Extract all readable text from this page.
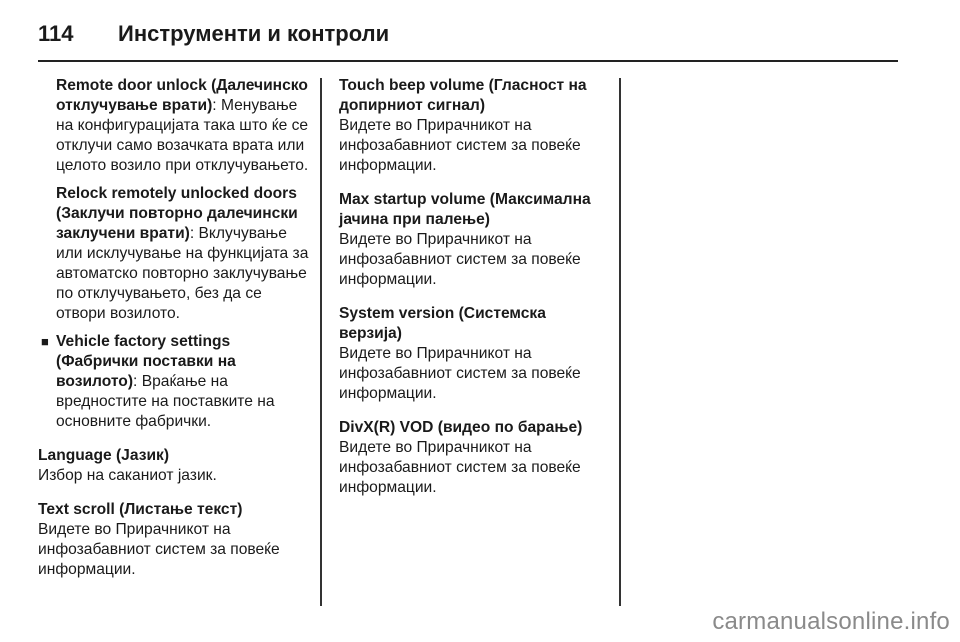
114	Инструменти и контроли
Remote door unlock (Далечинско отклучување врати): Менување на конфигурацијата така што ќе се отклучи само возачката врата или целото возило при отклучувањето.
Relock remotely unlocked doors (Заклучи повторно далечински заклучени врати): Вклучување или исклучување на функцијата за автоматско повторно заклучување по отклучувањето, без да се отвори возилото.
■ Vehicle factory settings (Фабрички поставки на возилото): Враќање на вредностите на поставките на основните фабрички.
Language (Јазик)
Избор на саканиот јазик.
Text scroll (Листање текст)
Видете во Прирачникот на инфозабавниот систем за повеќе информации.
Touch beep volume (Гласност на допирниот сигнал)
Видете во Прирачникот на инфозабавниот систем за повеќе информации.
Max startup volume (Максимална јачина при палење)
Видете во Прирачникот на инфозабавниот систем за повеќе информации.
System version (Системска верзија)
Видете во Прирачникот на инфозабавниот систем за повеќе информации.
DivX(R) VOD (видео по барање)
Видете во Прирачникот на инфозабавниот систем за повеќе информации.
carmanualsonline.info
